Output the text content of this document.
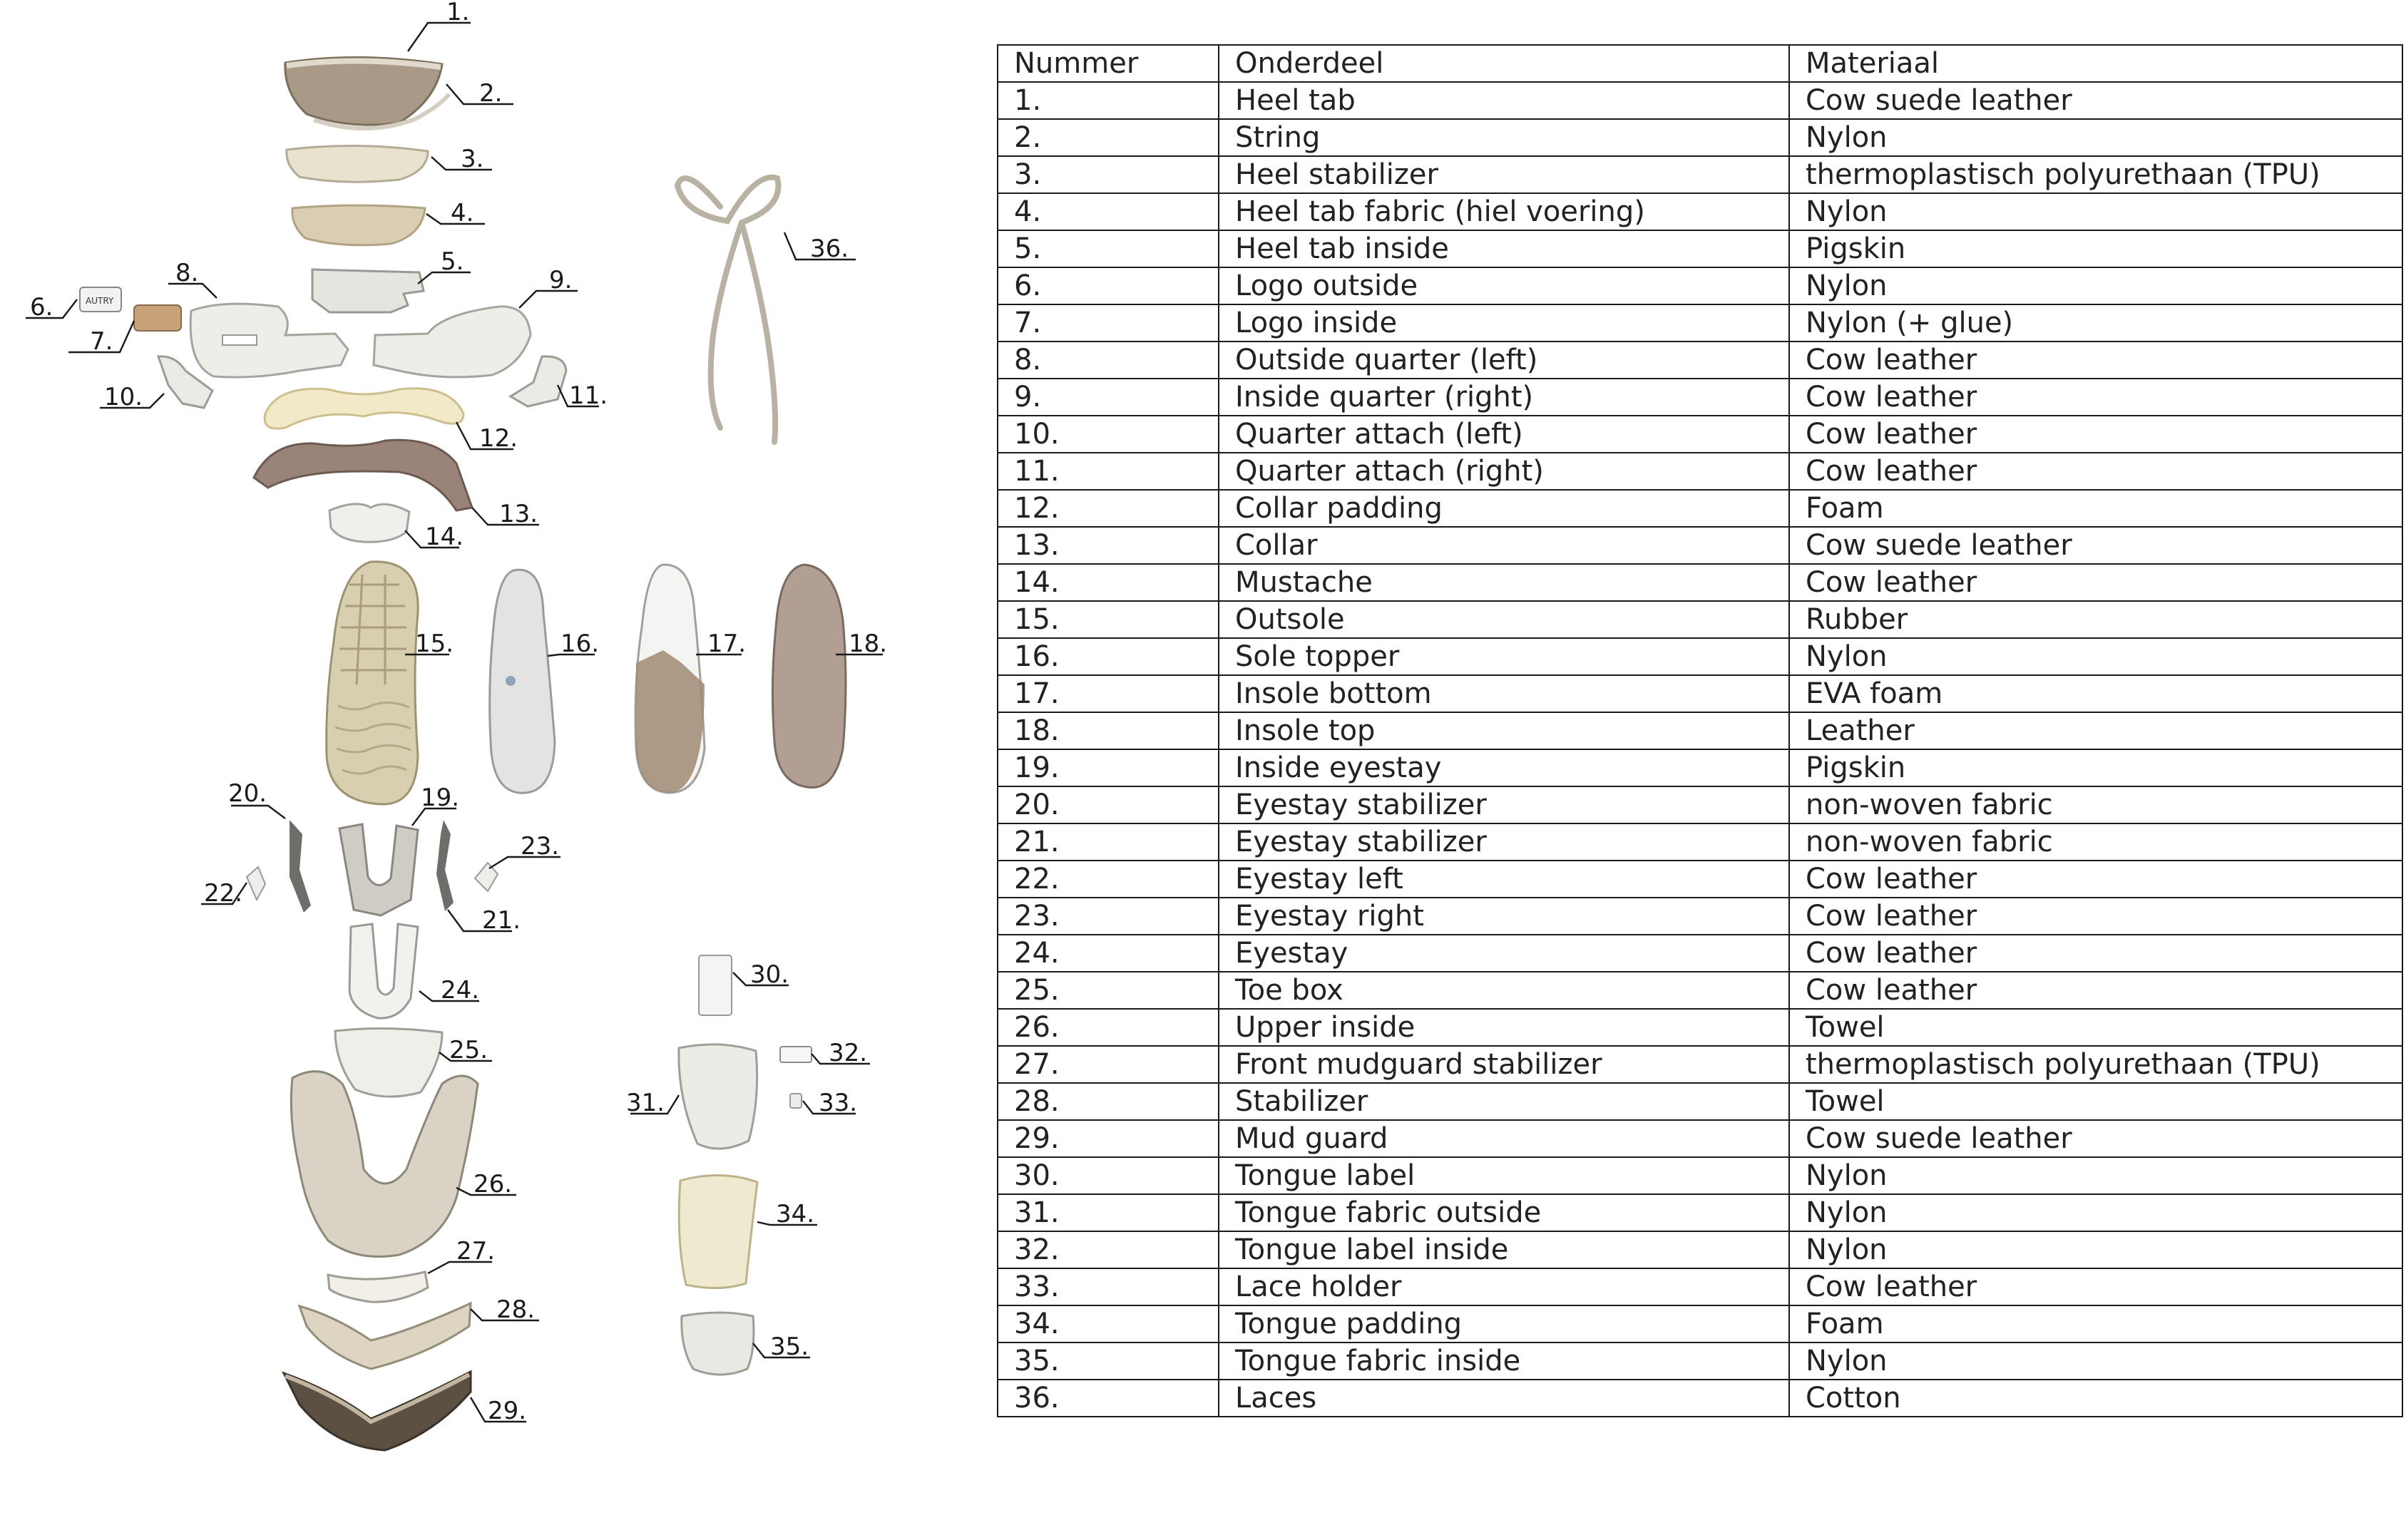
AUTRY
1.
2.
3.
4.
5.
6.
7.
8.	9.
10.	11.
12.
13.
14.
15.	16.	17.	18.
19.
20.
21.
22.
23.
24.
25.
26.
27.
28.
29.
30.
31.
32.
33.
34.
35.
36.
Nummer	Onderdeel	Materiaal
1.	Heel tab	Cow suede leather
2.	String	Nylon
3.	Heel stabilizer	thermoplastisch polyurethaan (TPU)
4.	Heel tab fabric (hiel voering)	Nylon
5.	Heel tab inside	Pigskin
6.	Logo outside	Nylon
7.	Logo inside	Nylon (+ glue)
8.	Outside quarter (left)	Cow leather
9.	Inside quarter (right)	Cow leather
10.	Quarter attach (left)	Cow leather
11.	Quarter attach (right)	Cow leather
12.	Collar padding	Foam
13.	Collar	Cow suede leather
14.	Mustache	Cow leather
15.	Outsole	Rubber
16.	Sole topper	Nylon
17.	Insole bottom	EVA foam
18.	Insole top	Leather
19.	Inside eyestay	Pigskin
20.	Eyestay stabilizer	non-woven fabric
21.	Eyestay stabilizer	non-woven fabric
22.	Eyestay left	Cow leather
23.	Eyestay right	Cow leather
24.	Eyestay	Cow leather
25.	Toe box	Cow leather
26.	Upper inside	Towel
27.	Front mudguard stabilizer	thermoplastisch polyurethaan (TPU)
28.	Stabilizer	Towel
29.	Mud guard	Cow suede leather
30.	Tongue label	Nylon
31.	Tongue fabric outside	Nylon
32.	Tongue label inside	Nylon
33.	Lace holder	Cow leather
34.	Tongue padding	Foam
35.	Tongue fabric inside	Nylon
36.	Laces	Cotton
